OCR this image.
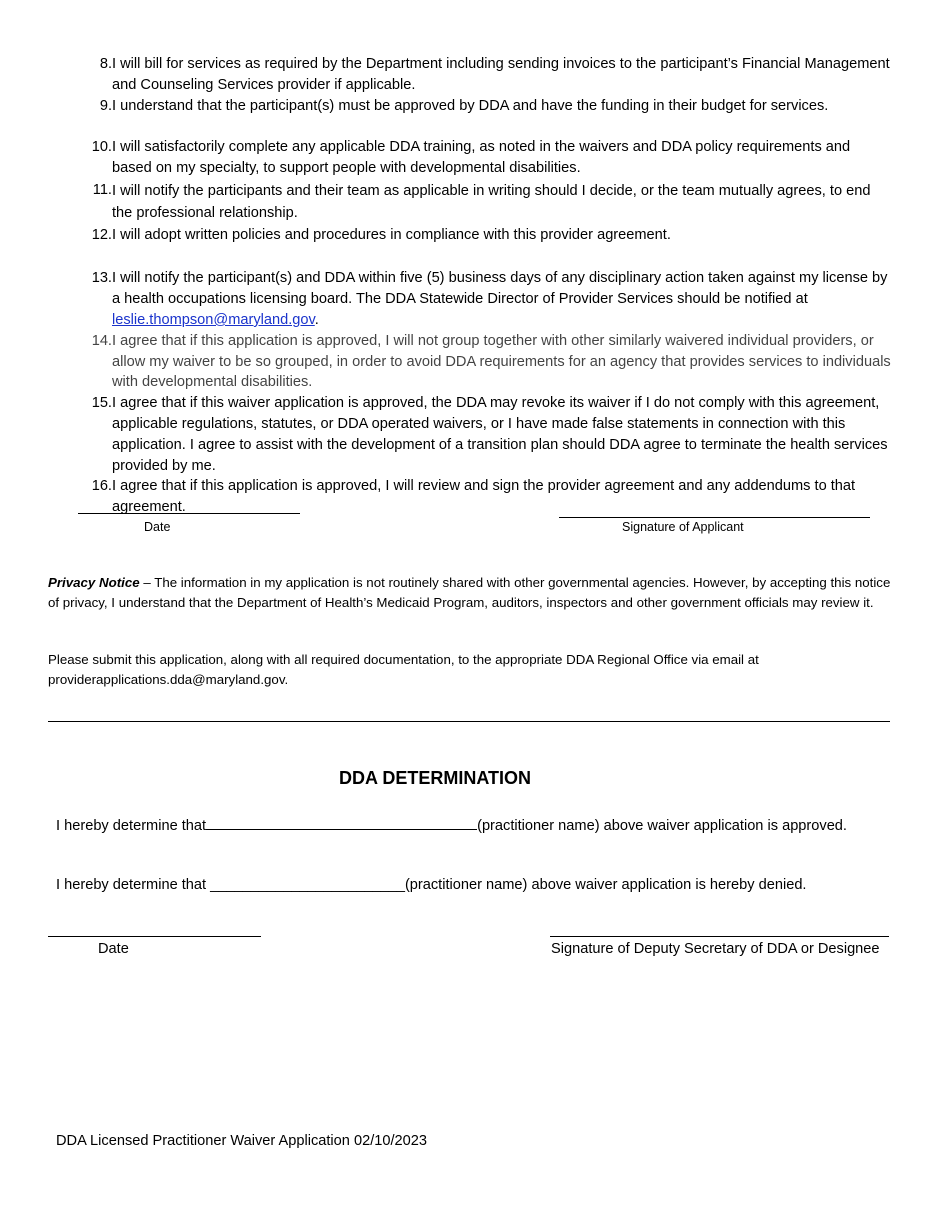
8. I will bill for services as required by the Department including sending invoices to the participant’s Financial Management and Counseling Services provider if applicable.
9. I understand that the participant(s) must be approved by DDA and have the funding in their budget for services.
10. I will satisfactorily complete any applicable DDA training, as noted in the waivers and DDA policy requirements and based on my specialty, to support people with developmental disabilities.
11. I will notify the participants and their team as applicable in writing should I decide, or the team mutually agrees, to end the professional relationship.
12. I will adopt written policies and procedures in compliance with this provider agreement.
13. I will notify the participant(s) and DDA within five (5) business days of any disciplinary action taken against my license by a health occupations licensing board. The DDA Statewide Director of Provider Services should be notified at leslie.thompson@maryland.gov.
14. I agree that if this application is approved, I will not group together with other similarly waivered individual providers, or allow my waiver to be so grouped, in order to avoid DDA requirements for an agency that provides services to individuals with developmental disabilities.
15. I agree that if this waiver application is approved, the DDA may revoke its waiver if I do not comply with this agreement, applicable regulations, statutes, or DDA operated waivers, or I have made false statements in connection with this application. I agree to assist with the development of a transition plan should DDA agree to terminate the health services provided by me.
16. I agree that if this application is approved, I will review and sign the provider agreement and any addendums to that agreement.
Date	Signature of Applicant
Privacy Notice – The information in my application is not routinely shared with other governmental agencies. However, by accepting this notice of privacy, I understand that the Department of Health’s Medicaid Program, auditors, inspectors and other government officials may review it.
Please submit this application, along with all required documentation, to the appropriate DDA Regional Office via email at providerapplications.dda@maryland.gov.
DDA DETERMINATION
I hereby determine that	(practitioner name) above waiver application is approved.
I hereby determine that ________________________(practitioner name) above waiver application is hereby denied.
Date	Signature of Deputy Secretary of DDA or Designee
DDA Licensed Practitioner Waiver Application 02/10/2023
